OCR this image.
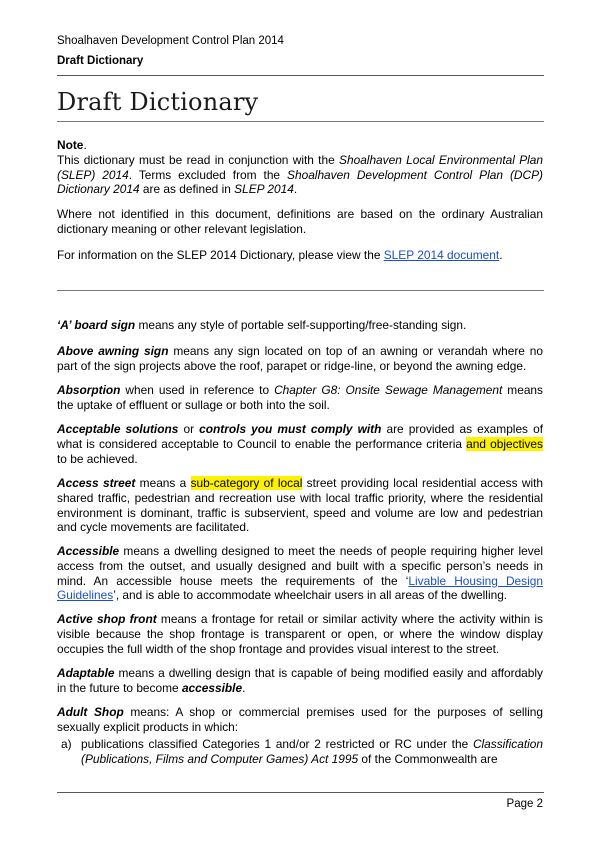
Shoalhaven Development Control Plan 2014
Draft Dictionary
Draft Dictionary

Note.
This dictionary must be read in conjunction with the Shoalhaven Local Environmental Plan (SLEP) 2014. Terms excluded from the Shoalhaven Development Control Plan (DCP) Dictionary 2014 are as defined in SLEP 2014.

Where not identified in this document, definitions are based on the ordinary Australian dictionary meaning or other relevant legislation.

For information on the SLEP 2014 Dictionary, please view the SLEP 2014 document.

‘A’ board sign means any style of portable self-supporting/free-standing sign.

Above awning sign means any sign located on top of an awning or verandah where no part of the sign projects above the roof, parapet or ridge-line, or beyond the awning edge.

Absorption when used in reference to Chapter G8: Onsite Sewage Management means the uptake of effluent or sullage or both into the soil.

Acceptable solutions or controls you must comply with are provided as examples of what is considered acceptable to Council to enable the performance criteria and objectives to be achieved.

Access street means a sub-category of local street providing local residential access with shared traffic, pedestrian and recreation use with local traffic priority, where the residential environment is dominant, traffic is subservient, speed and volume are low and pedestrian and cycle movements are facilitated.

Accessible means a dwelling designed to meet the needs of people requiring higher level access from the outset, and usually designed and built with a specific person’s needs in mind. An accessible house meets the requirements of the ‘Livable Housing Design Guidelines’, and is able to accommodate wheelchair users in all areas of the dwelling.

Active shop front means a frontage for retail or similar activity where the activity within is visible because the shop frontage is transparent or open, or where the window display occupies the full width of the shop frontage and provides visual interest to the street.

Adaptable means a dwelling design that is capable of being modified easily and affordably in the future to become accessible.

Adult Shop means: A shop or commercial premises used for the purposes of selling sexually explicit products in which:

a) publications classified Categories 1 and/or 2 restricted or RC under the Classification (Publications, Films and Computer Games) Act 1995 of the Commonwealth are
Page 2
